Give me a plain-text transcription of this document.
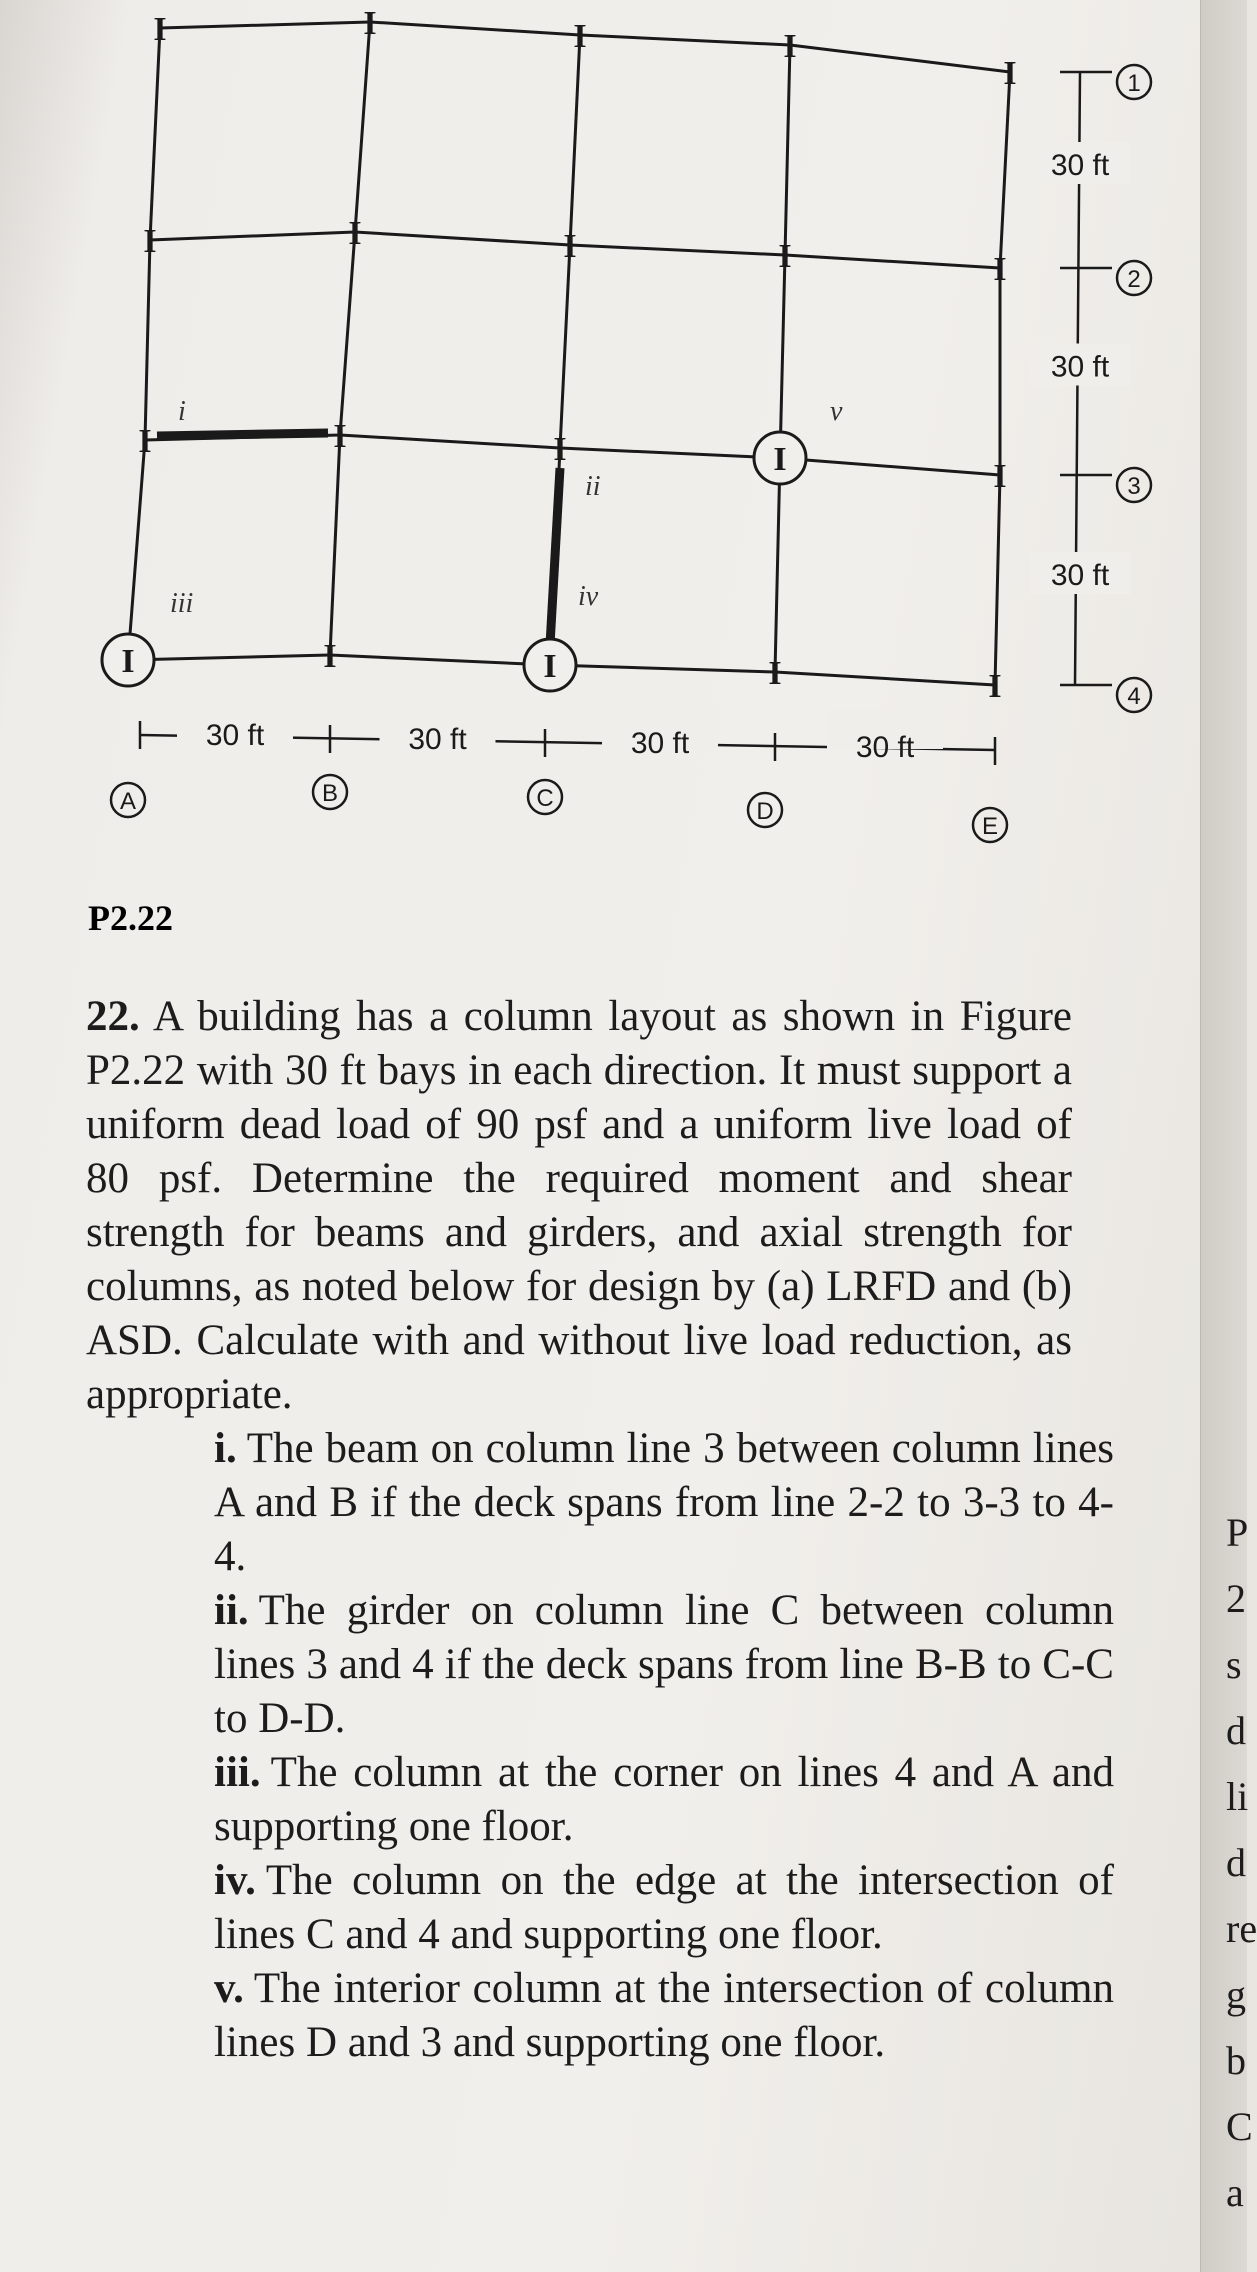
I	I	I	I
I
I	I	I	I	I
I	I	I	I	I
I	I	I	I	I
i
ii
iii	iv
v
30 ft	30 ft	30 ft	30 ft
A	B	C	D
E
30 ft
30 ft
30 ft
1
2
3
4
P2.22

22. A building has a column layout as shown in Figure P2.22 with 30 ft bays in each direction. It must support a uniform dead load of 90 psf and a uniform live load of 80 psf. Determine the required moment and shear strength for beams and girders, and axial strength for columns, as noted below for design by (a) LRFD and (b) ASD. Calculate with and without live load reduction, as appropriate.

i. The beam on column line 3 between column lines A and B if the deck spans from line 2-2 to 3-3 to 4-4.
ii. The girder on column line C between column lines 3 and 4 if the deck spans from line B-B to C-C to D-D.
iii. The column at the corner on lines 4 and A and supporting one floor.
iv. The column on the edge at the intersection of lines C and 4 and supporting one floor.
v. The interior column at the intersection of column lines D and 3 and supporting one floor.
P
2
s
d
li
d
re
g
b
C
a
